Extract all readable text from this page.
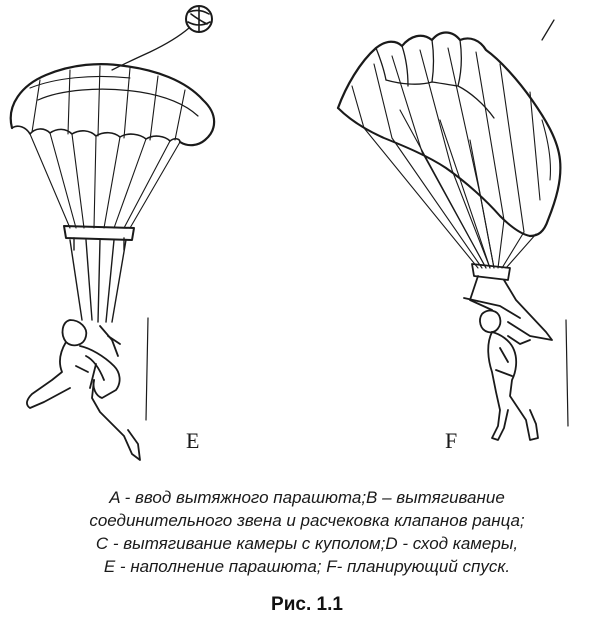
E	F
A - ввод вытяжного парашюта;B – вытягивание
соединительного звена и расчековка клапанов ранца;
C - вытягивание камеры с куполом;D - сход камеры,
E - наполнение парашюта; F- планирующий спуск.
Рис. 1.1
